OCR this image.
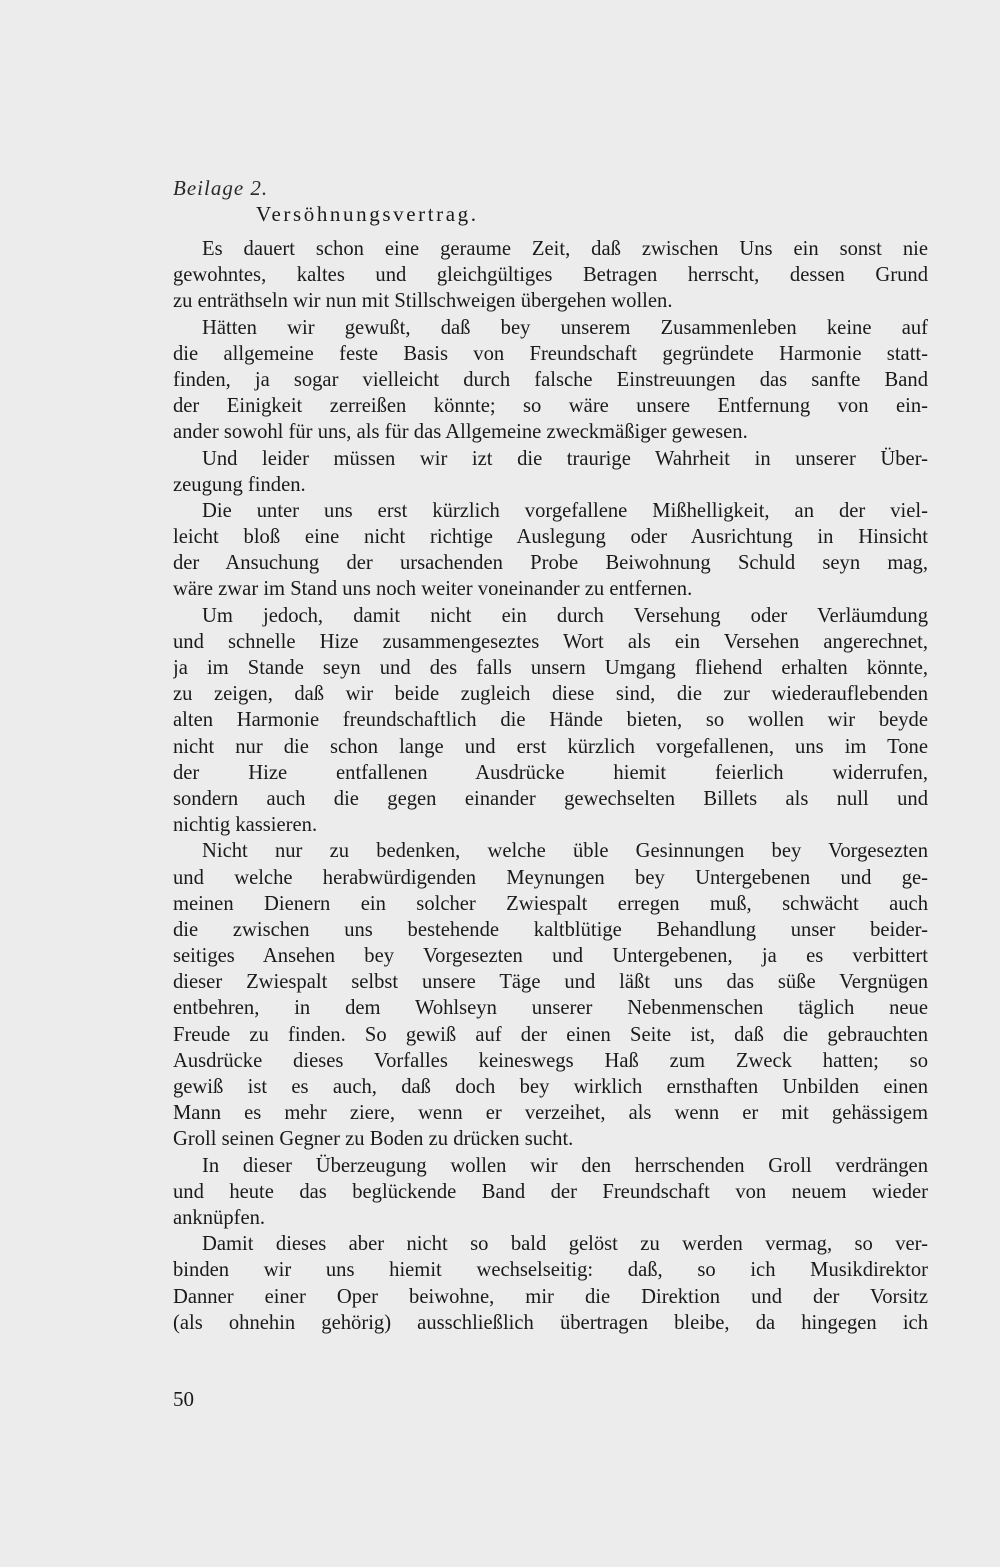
Beilage 2.
Versöhnungsvertrag.
Es dauert schon eine geraume Zeit, daß zwischen Uns ein sonst nie
gewohntes, kaltes und gleichgültiges Betragen herrscht, dessen Grund
zu enträthseln wir nun mit Stillschweigen übergehen wollen.
Hätten wir gewußt, daß bey unserem Zusammenleben keine auf
die allgemeine feste Basis von Freundschaft gegründete Harmonie statt-
finden, ja sogar vielleicht durch falsche Einstreuungen das sanfte Band
der Einigkeit zerreißen könnte; so wäre unsere Entfernung von ein-
ander sowohl für uns, als für das Allgemeine zweckmäßiger gewesen.
Und leider müssen wir izt die traurige Wahrheit in unserer Über-
zeugung finden.
Die unter uns erst kürzlich vorgefallene Mißhelligkeit, an der viel-
leicht bloß eine nicht richtige Auslegung oder Ausrichtung in Hinsicht
der Ansuchung der ursachenden Probe Beiwohnung Schuld seyn mag,
wäre zwar im Stand uns noch weiter voneinander zu entfernen.
Um jedoch, damit nicht ein durch Versehung oder Verläumdung
und schnelle Hize zusammengeseztes Wort als ein Versehen angerechnet,
ja im Stande seyn und des falls unsern Umgang fliehend erhalten könnte,
zu zeigen, daß wir beide zugleich diese sind, die zur wiederauflebenden
alten Harmonie freundschaftlich die Hände bieten, so wollen wir beyde
nicht nur die schon lange und erst kürzlich vorgefallenen, uns im Tone
der Hize entfallenen Ausdrücke hiemit feierlich widerrufen,
sondern auch die gegen einander gewechselten Billets als null und
nichtig kassieren.
Nicht nur zu bedenken, welche üble Gesinnungen bey Vorgesezten
und welche herabwürdigenden Meynungen bey Untergebenen und ge-
meinen Dienern ein solcher Zwiespalt erregen muß, schwächt auch
die zwischen uns bestehende kaltblütige Behandlung unser beider-
seitiges Ansehen bey Vorgesezten und Untergebenen, ja es verbittert
dieser Zwiespalt selbst unsere Täge und läßt uns das süße Vergnügen
entbehren, in dem Wohlseyn unserer Nebenmenschen täglich neue
Freude zu finden. So gewiß auf der einen Seite ist, daß die gebrauchten
Ausdrücke dieses Vorfalles keineswegs Haß zum Zweck hatten; so
gewiß ist es auch, daß doch bey wirklich ernsthaften Unbilden einen
Mann es mehr ziere, wenn er verzeihet, als wenn er mit gehässigem
Groll seinen Gegner zu Boden zu drücken sucht.
In dieser Überzeugung wollen wir den herrschenden Groll verdrängen
und heute das beglückende Band der Freundschaft von neuem wieder
anknüpfen.
Damit dieses aber nicht so bald gelöst zu werden vermag, so ver-
binden wir uns hiemit wechselseitig: daß, so ich Musikdirektor
Danner einer Oper beiwohne, mir die Direktion und der Vorsitz
(als ohnehin gehörig) ausschließlich übertragen bleibe, da hingegen ich
50
